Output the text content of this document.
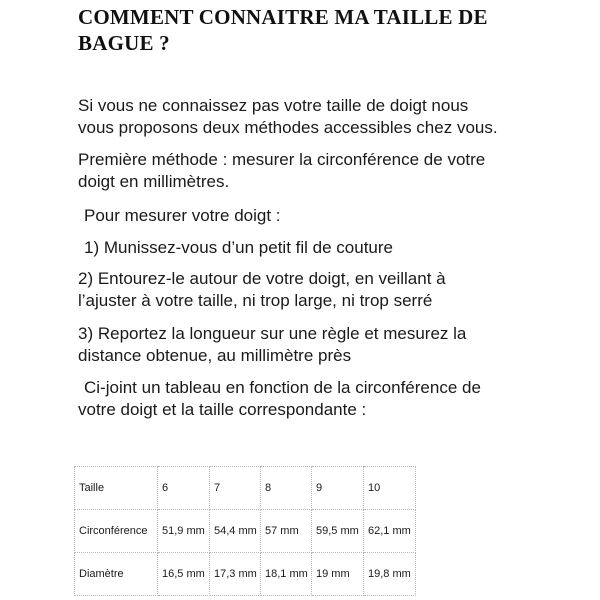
COMMENT CONNAITRE MA TAILLE DE
BAGUE ?

Si vous ne connaissez pas votre taille de doigt nous
vous proposons deux méthodes accessibles chez vous.

Première méthode : mesurer la circonférence de votre
doigt en millimètres.

Pour mesurer votre doigt :

1) Munissez-vous d’un petit fil de couture

2) Entourez-le autour de votre doigt, en veillant à
l’ajuster à votre taille, ni trop large, ni trop serré

3) Reportez la longueur sur une règle et mesurez la
distance obtenue, au millimètre près

Ci-joint un tableau en fonction de la circonférence de
votre doigt et la taille correspondante :

Taille	6	7	8	9	10
Circonférence	51,9 mm	54,4 mm	57 mm	59,5 mm	62,1 mm
Diamètre	16,5 mm	17,3 mm	18,1 mm	19 mm	19,8 mm
